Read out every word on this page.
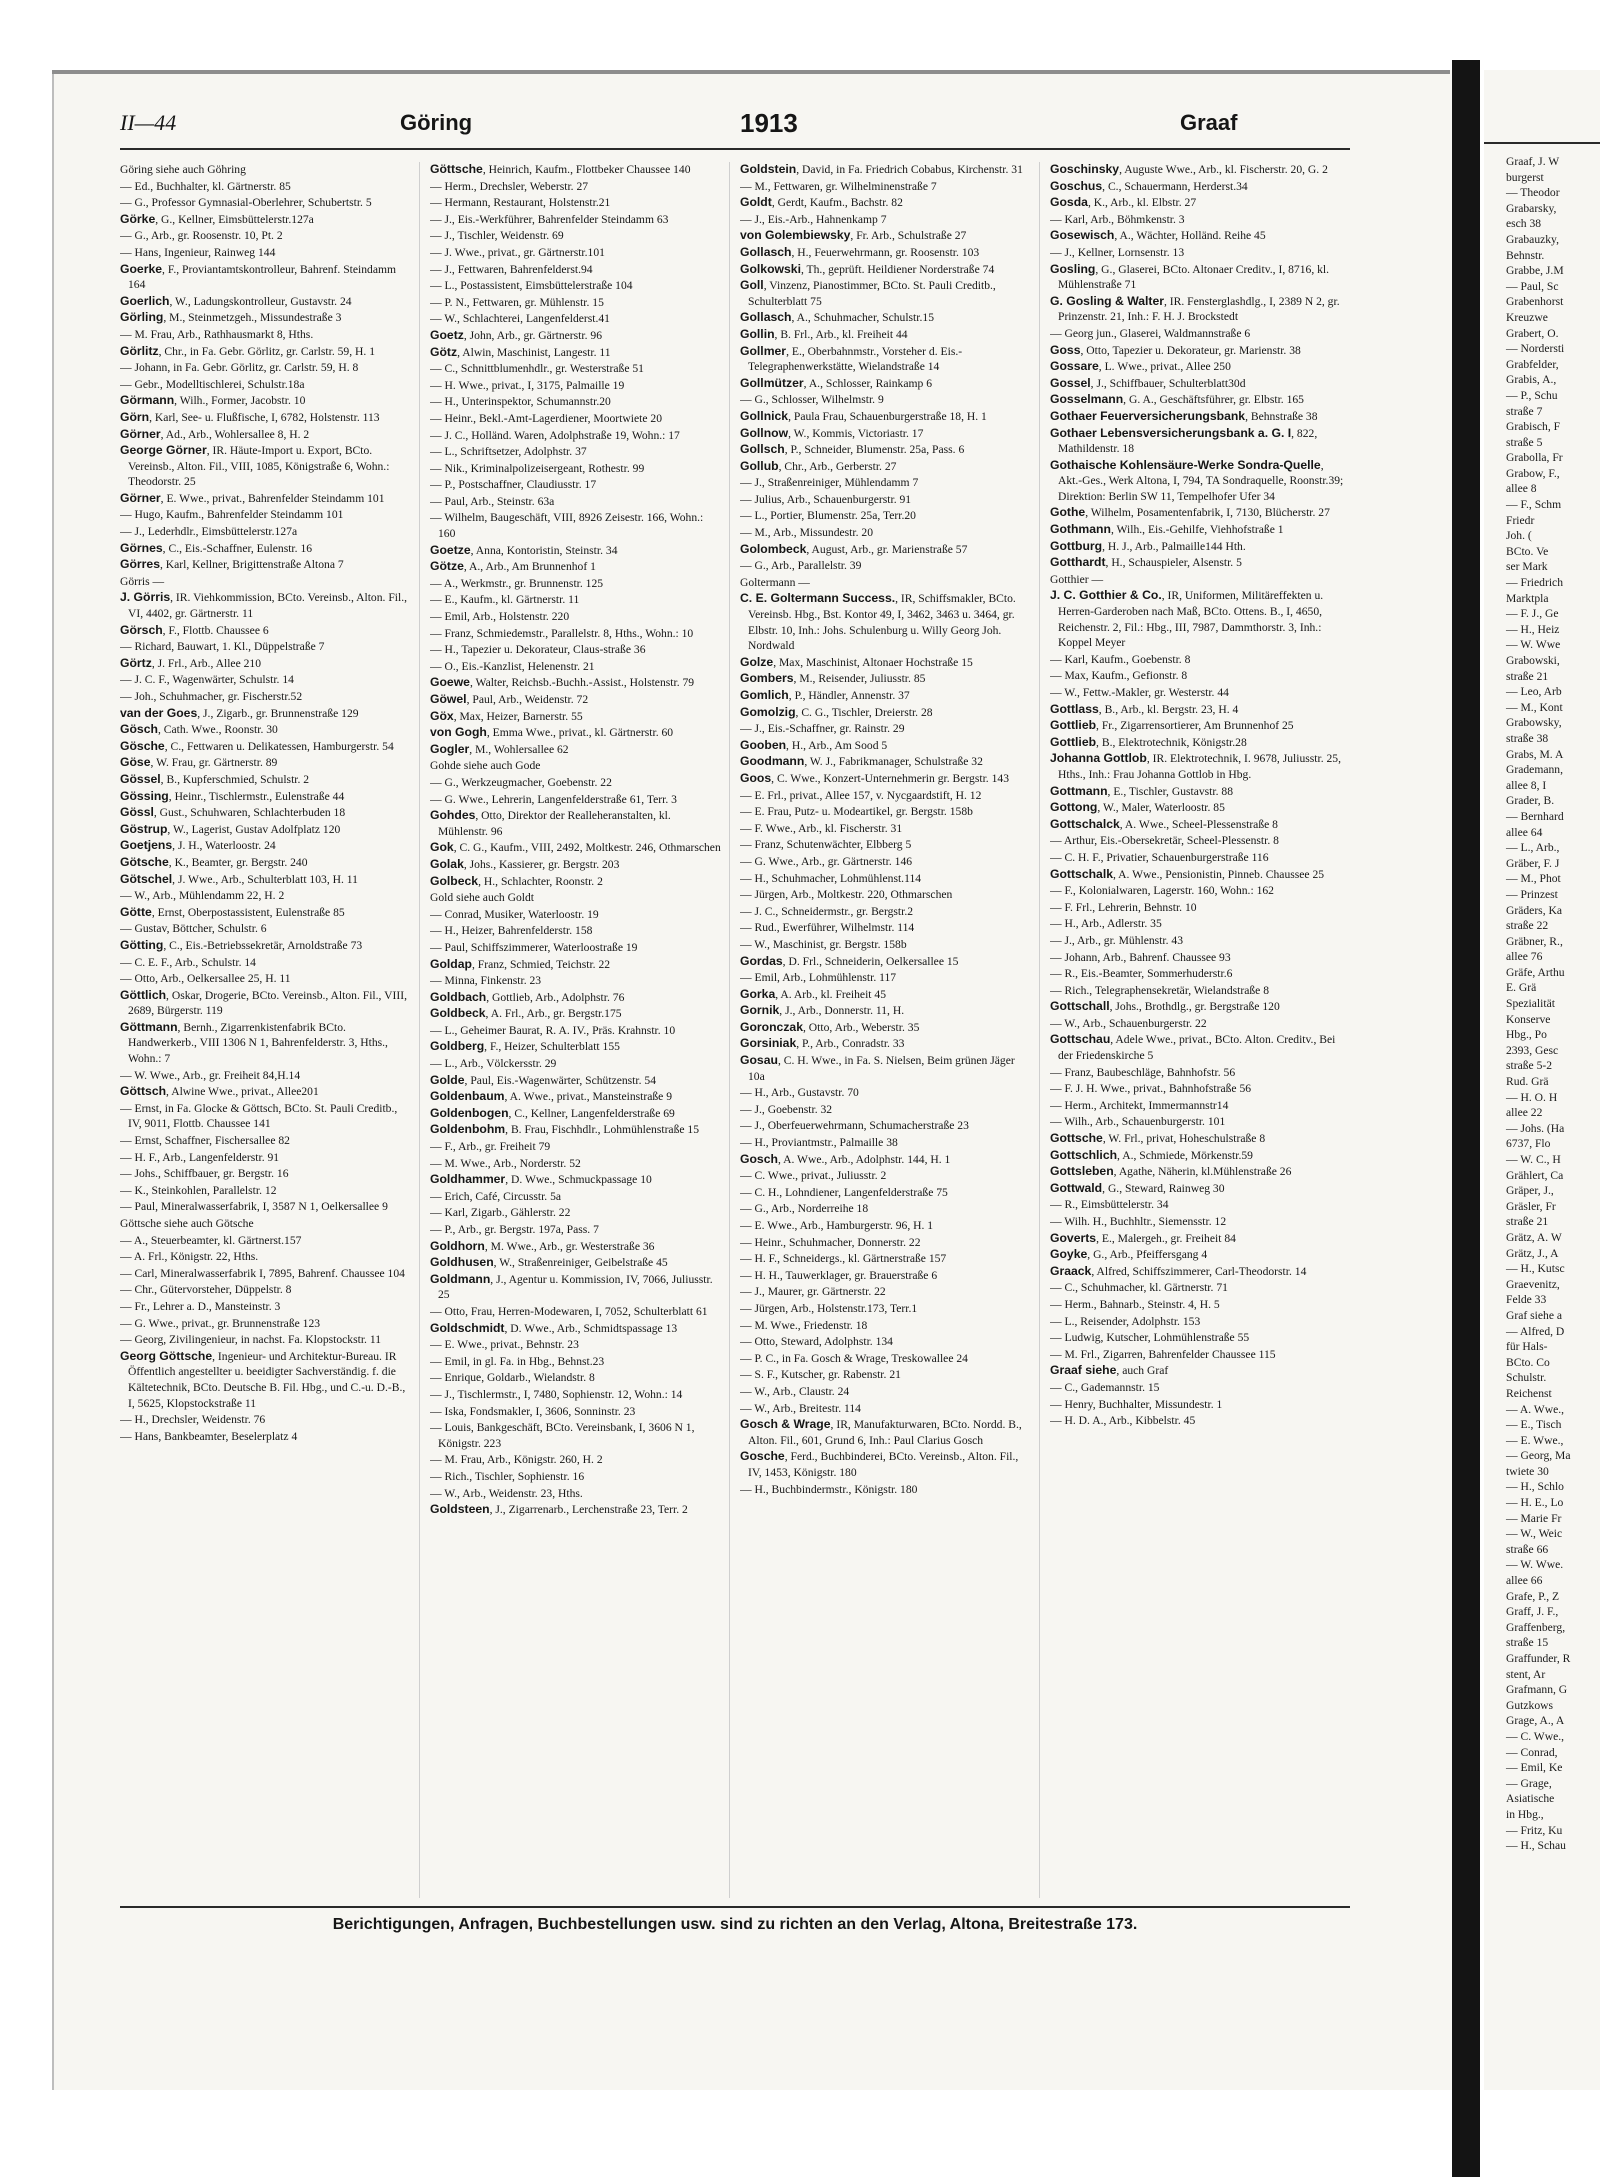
II—44	Göring	1913	Graaf
Göring siehe auch Göhring
— Ed., Buchhalter, kl. Gärtnerstr. 85
— G., Professor Gymnasial-Oberlehrer, Schubertstr. 5
Görke, G., Kellner, Eimsbüttelerstr.127a
— G., Arb., gr. Roosenstr. 10, Pt. 2
— Hans, Ingenieur, Rainweg 144
Goerke, F., Proviantamtskontrolleur, Bahrenf. Steindamm 164
Goerlich, W., Ladungskontrolleur, Gustavstr. 24
Görling, M., Steinmetzgeh., Missundestraße 3
— M. Frau, Arb., Rathhausmarkt 8, Hths.
Görlitz, Chr., in Fa. Gebr. Görlitz, gr. Carlstr. 59, H. 1
— Johann, in Fa. Gebr. Görlitz, gr. Carlstr. 59, H. 8
— Gebr., Modelltischlerei, Schulstr.18a
Görmann, Wilh., Former, Jacobstr. 10
Görn, Karl, See- u. Flußfische, I, 6782, Holstenstr. 113
Görner, Ad., Arb., Wohlersallee 8, H. 2
George Görner, IR. Häute-Import u. Export, BCto. Vereinsb., Alton. Fil., VIII, 1085, Königstraße 6, Wohn.: Theodorstr. 25
Görner, E. Wwe., privat., Bahrenfelder Steindamm 101
— Hugo, Kaufm., Bahrenfelder Steindamm 101
— J., Lederhdlr., Eimsbüttelerstr.127a
Görnes, C., Eis.-Schaffner, Eulenstr. 16
Görres, Karl, Kellner, Brigittenstraße Altona 7
Görris —
J. Görris, IR. Viehkommission, BCto. Vereinsb., Alton. Fil., VI, 4402, gr. Gärtnerstr. 11
Görsch, F., Flottb. Chaussee 6
— Richard, Bauwart, 1. Kl., Düppelstraße 7
Görtz, J. Frl., Arb., Allee 210
— J. C. F., Wagenwärter, Schulstr. 14
— Joh., Schuhmacher, gr. Fischerstr.52
van der Goes, J., Zigarb., gr. Brunnenstraße 129
Gösch, Cath. Wwe., Roonstr. 30
Gösche, C., Fettwaren u. Delikatessen, Hamburgerstr. 54
Göse, W. Frau, gr. Gärtnerstr. 89
Gössel, B., Kupferschmied, Schulstr. 2
Gössing, Heinr., Tischlermstr., Eulenstraße 44
Gössl, Gust., Schuhwaren, Schlachterbuden 18
Göstrup, W., Lagerist, Gustav Adolfplatz 120
Goetjens, J. H., Waterloostr. 24
Götsche, K., Beamter, gr. Bergstr. 240
Götschel, J. Wwe., Arb., Schulterblatt 103, H. 11
— W., Arb., Mühlendamm 22, H. 2
Götte, Ernst, Oberpostassistent, Eulenstraße 85
— Gustav, Böttcher, Schulstr. 6
Götting, C., Eis.-Betriebssekretär, Arnoldstraße 73
— C. E. F., Arb., Schulstr. 14
— Otto, Arb., Oelkersallee 25, H. 11
Göttlich, Oskar, Drogerie, BCto. Vereinsb., Alton. Fil., VIII, 2689, Bürgerstr. 119
Göttmann, Bernh., Zigarrenkistenfabrik BCto. Handwerkerb., VIII 1306 N 1, Bahrenfelderstr. 3, Hths., Wohn.: 7
— W. Wwe., Arb., gr. Freiheit 84,H.14
Göttsch, Alwine Wwe., privat., Allee201
— Ernst, in Fa. Glocke & Göttsch, BCto. St. Pauli Creditb., IV, 9011, Flottb. Chaussee 141
— Ernst, Schaffner, Fischersallee 82
— H. F., Arb., Langenfelderstr. 91
— Johs., Schiffbauer, gr. Bergstr. 16
— K., Steinkohlen, Parallelstr. 12
— Paul, Mineralwasserfabrik, I, 3587 N 1, Oelkersallee 9
Göttsche siehe auch Götsche
— A., Steuerbeamter, kl. Gärtnerst.157
— A. Frl., Königstr. 22, Hths.
— Carl, Mineralwasserfabrik I, 7895, Bahrenf. Chaussee 104
— Chr., Gütervorsteher, Düppelstr. 8
— Fr., Lehrer a. D., Mansteinstr. 3
— G. Wwe., privat., gr. Brunnenstraße 123
— Georg, Zivilingenieur, in nachst. Fa. Klopstockstr. 11
Georg Göttsche, Ingenieur- und Architektur-Bureau. IR Öffentlich angestellter u. beeidigter Sachverständig. f. die Kältetechnik, BCto. Deutsche B. Fil. Hbg., und C.-u. D.-B., I, 5625, Klopstockstraße 11
— H., Drechsler, Weidenstr. 76
— Hans, Bankbeamter, Beselerplatz 4
Göttsche, Heinrich, Kaufm., Flottbeker Chaussee 140
— Herm., Drechsler, Weberstr. 27
— Hermann, Restaurant, Holstenstr.21
— J., Eis.-Werkführer, Bahrenfelder Steindamm 63
— J., Tischler, Weidenstr. 69
— J. Wwe., privat., gr. Gärtnerstr.101
— J., Fettwaren, Bahrenfelderst.94
— L., Postassistent, Eimsbüttelerstraße 104
— P. N., Fettwaren, gr. Mühlenstr. 15
— W., Schlachterei, Langenfelderst.41
Goetz, John, Arb., gr. Gärtnerstr. 96
Götz, Alwin, Maschinist, Langestr. 11
— C., Schnittblumenhdlr., gr. Westerstraße 51
— H. Wwe., privat., I, 3175, Palmaille 19
— H., Unterinspektor, Schumannstr.20
— Heinr., Bekl.-Amt-Lagerdiener, Moortwiete 20
— J. C., Holländ. Waren, Adolphstraße 19, Wohn.: 17
— L., Schriftsetzer, Adolphstr. 37
— Nik., Kriminalpolizeisergeant, Rothestr. 99
— P., Postschaffner, Claudiusstr. 17
— Paul, Arb., Steinstr. 63a
— Wilhelm, Baugeschäft, VIII, 8926 Zeisestr. 166, Wohn.: 160
Goetze, Anna, Kontoristin, Steinstr. 34
Götze, A., Arb., Am Brunnenhof 1
— A., Werkmstr., gr. Brunnenstr. 125
— E., Kaufm., kl. Gärtnerstr. 11
— Emil, Arb., Holstenstr. 220
— Franz, Schmiedemstr., Parallelstr. 8, Hths., Wohn.: 10
— H., Tapezier u. Dekorateur, Claus-straße 36
— O., Eis.-Kanzlist, Helenenstr. 21
Goewe, Walter, Reichsb.-Buchh.-Assist., Holstenstr. 79
Göwel, Paul, Arb., Weidenstr. 72
Göx, Max, Heizer, Barnerstr. 55
von Gogh, Emma Wwe., privat., kl. Gärtnerstr. 60
Gogler, M., Wohlersallee 62
Gohde siehe auch Gode
— G., Werkzeugmacher, Goebenstr. 22
— G. Wwe., Lehrerin, Langenfelderstraße 61, Terr. 3
Gohdes, Otto, Direktor der Realleheranstalten, kl. Mühlenstr. 96
Gok, C. G., Kaufm., VIII, 2492, Moltkestr. 246, Othmarschen
Golak, Johs., Kassierer, gr. Bergstr. 203
Golbeck, H., Schlachter, Roonstr. 2
Gold siehe auch Goldt
— Conrad, Musiker, Waterloostr. 19
— H., Heizer, Bahrenfelderstr. 158
— Paul, Schiffszimmerer, Waterloostraße 19
Goldap, Franz, Schmied, Teichstr. 22
— Minna, Finkenstr. 23
Goldbach, Gottlieb, Arb., Adolphstr. 76
Goldbeck, A. Frl., Arb., gr. Bergstr.175
— L., Geheimer Baurat, R. A. IV., Präs. Krahnstr. 10
Goldberg, F., Heizer, Schulterblatt 155
— L., Arb., Völckersstr. 29
Golde, Paul, Eis.-Wagenwärter, Schützenstr. 54
Goldenbaum, A. Wwe., privat., Mansteinstraße 9
Goldenbogen, C., Kellner, Langenfelderstraße 69
Goldenbohm, B. Frau, Fischhdlr., Lohmühlenstraße 15
— F., Arb., gr. Freiheit 79
— M. Wwe., Arb., Norderstr. 52
Goldhammer, D. Wwe., Schmuckpassage 10
— Erich, Café, Circusstr. 5a
— Karl, Zigarb., Gählerstr. 22
— P., Arb., gr. Bergstr. 197a, Pass. 7
Goldhorn, M. Wwe., Arb., gr. Westerstraße 36
Goldhusen, W., Straßenreiniger, Geibelstraße 45
Goldmann, J., Agentur u. Kommission, IV, 7066, Juliusstr. 25
— Otto, Frau, Herren-Modewaren, I, 7052, Schulterblatt 61
Goldschmidt, D. Wwe., Arb., Schmidtspassage 13
— E. Wwe., privat., Behnstr. 23
— Emil, in gl. Fa. in Hbg., Behnst.23
— Enrique, Goldarb., Wielandstr. 8
— J., Tischlermstr., I, 7480, Sophienstr. 12, Wohn.: 14
— Iska, Fondsmakler, I, 3606, Sonninstr. 23
— Louis, Bankgeschäft, BCto. Vereinsbank, I, 3606 N 1, Königstr. 223
— M. Frau, Arb., Königstr. 260, H. 2
— Rich., Tischler, Sophienstr. 16
— W., Arb., Weidenstr. 23, Hths.
Goldsteen, J., Zigarrenarb., Lerchenstraße 23, Terr. 2
Goldstein, David, in Fa. Friedrich Cobabus, Kirchenstr. 31
— M., Fettwaren, gr. Wilhelminenstraße 7
Goldt, Gerdt, Kaufm., Bachstr. 82
— J., Eis.-Arb., Hahnenkamp 7
von Golembiewsky, Fr. Arb., Schulstraße 27
Gollasch, H., Feuerwehrmann, gr. Roosenstr. 103
Golkowski, Th., geprüft. Heildiener Norderstraße 74
Goll, Vinzenz, Pianostimmer, BCto. St. Pauli Creditb., Schulterblatt 75
Gollasch, A., Schuhmacher, Schulstr.15
Gollin, B. Frl., Arb., kl. Freiheit 44
Gollmer, E., Oberbahnmstr., Vorsteher d. Eis.-Telegraphenwerkstätte, Wielandstraße 14
Gollmützer, A., Schlosser, Rainkamp 6
— G., Schlosser, Wilhelmstr. 9
Gollnick, Paula Frau, Schauenburgerstraße 18, H. 1
Gollnow, W., Kommis, Victoriastr. 17
Gollsch, P., Schneider, Blumenstr. 25a, Pass. 6
Gollub, Chr., Arb., Gerberstr. 27
— J., Straßenreiniger, Mühlendamm 7
— Julius, Arb., Schauenburgerstr. 91
— L., Portier, Blumenstr. 25a, Terr.20
— M., Arb., Missundestr. 20
Golombeck, August, Arb., gr. Marienstraße 57
— G., Arb., Parallelstr. 39
Goltermann —
C. E. Goltermann Success., IR, Schiffsmakler, BCto. Vereinsb. Hbg., Bst. Kontor 49, I, 3462, 3463 u. 3464, gr. Elbstr. 10, Inh.: Johs. Schulenburg u. Willy Georg Joh. Nordwald
Golze, Max, Maschinist, Altonaer Hochstraße 15
Gombers, M., Reisender, Juliusstr. 85
Gomlich, P., Händler, Annenstr. 37
Gomolzig, C. G., Tischler, Dreierstr. 28
— J., Eis.-Schaffner, gr. Rainstr. 29
Gooben, H., Arb., Am Sood 5
Goodmann, W. J., Fabrikmanager, Schulstraße 32
Goos, C. Wwe., Konzert-Unternehmerin gr. Bergstr. 143
— E. Frl., privat., Allee 157, v. Nycgaardstift, H. 12
— E. Frau, Putz- u. Modeartikel, gr. Bergstr. 158b
— F. Wwe., Arb., kl. Fischerstr. 31
— Franz, Schutenwächter, Elbberg 5
— G. Wwe., Arb., gr. Gärtnerstr. 146
— H., Schuhmacher, Lohmühlenst.114
— Jürgen, Arb., Moltkestr. 220, Othmarschen
— J. C., Schneidermstr., gr. Bergstr.2
— Rud., Ewerführer, Wilhelmstr. 114
— W., Maschinist, gr. Bergstr. 158b
Gordas, D. Frl., Schneiderin, Oelkersallee 15
— Emil, Arb., Lohmühlenstr. 117
Gorka, A. Arb., kl. Freiheit 45
Gornik, J., Arb., Donnerstr. 11, H.
Goronczak, Otto, Arb., Weberstr. 35
Gorsiniak, P., Arb., Conradstr. 33
Gosau, C. H. Wwe., in Fa. S. Nielsen, Beim grünen Jäger 10a
— H., Arb., Gustavstr. 70
— J., Goebenstr. 32
— J., Oberfeuerwehrmann, Schumacherstraße 23
— H., Proviantmstr., Palmaille 38
Gosch, A. Wwe., Arb., Adolphstr. 144, H. 1
— C. Wwe., privat., Juliusstr. 2
— C. H., Lohndiener, Langenfelderstraße 75
— G., Arb., Norderreihe 18
— E. Wwe., Arb., Hamburgerstr. 96, H. 1
— Heinr., Schuhmacher, Donnerstr. 22
— H. F., Schneidergs., kl. Gärtnerstraße 157
— H. H., Tauwerklager, gr. Brauerstraße 6
— J., Maurer, gr. Gärtnerstr. 22
— Jürgen, Arb., Holstenstr.173, Terr.1
— M. Wwe., Friedenstr. 18
— Otto, Steward, Adolphstr. 134
— P. C., in Fa. Gosch & Wrage, Treskowallee 24
— S. F., Kutscher, gr. Rabenstr. 21
— W., Arb., Claustr. 24
— W., Arb., Breitestr. 114
Gosch & Wrage, IR, Manufakturwaren, BCto. Nordd. B., Alton. Fil., 601, Grund 6, Inh.: Paul Clarius Gosch
Gosche, Ferd., Buchbinderei, BCto. Vereinsb., Alton. Fil., IV, 1453, Königstr. 180
— H., Buchbindermstr., Königstr. 180
Goschinsky, Auguste Wwe., Arb., kl. Fischerstr. 20, G. 2
Goschus, C., Schauermann, Herderst.34
Gosda, K., Arb., kl. Elbstr. 27
— Karl, Arb., Böhmkenstr. 3
Gosewisch, A., Wächter, Holländ. Reihe 45
— J., Kellner, Lornsenstr. 13
Gosling, G., Glaserei, BCto. Altonaer Creditv., I, 8716, kl. Mühlenstraße 71
G. Gosling & Walter, IR. Fensterglashdlg., I, 2389 N 2, gr. Prinzenstr. 21, Inh.: F. H. J. Brockstedt
— Georg jun., Glaserei, Waldmannstraße 6
Goss, Otto, Tapezier u. Dekorateur, gr. Marienstr. 38
Gossare, L. Wwe., privat., Allee 250
Gossel, J., Schiffbauer, Schulterblatt30d
Gosselmann, G. A., Geschäftsführer, gr. Elbstr. 165
Gothaer Feuerversicherungsbank, Behnstraße 38
Gothaer Lebensversicherungsbank a. G. I, 822, Mathildenstr. 18
Gothaische Kohlensäure-Werke Sondra-Quelle, Akt.-Ges., Werk Altona, I, 794, TA Sondraquelle, Roonstr.39; Direktion: Berlin SW 11, Tempelhofer Ufer 34
Gothe, Wilhelm, Posamentenfabrik, I, 7130, Blücherstr. 27
Gothmann, Wilh., Eis.-Gehilfe, Viehhofstraße 1
Gottburg, H. J., Arb., Palmaille144 Hth.
Gotthardt, H., Schauspieler, Alsenstr. 5
Gotthier —
J. C. Gotthier & Co., IR, Uniformen, Militäreffekten u. Herren-Garderoben nach Maß, BCto. Ottens. B., I, 4650, Reichenstr. 2, Fil.: Hbg., III, 7987, Dammthorstr. 3, Inh.: Koppel Meyer
— Karl, Kaufm., Goebenstr. 8
— Max, Kaufm., Gefionstr. 8
— W., Fettw.-Makler, gr. Westerstr. 44
Gottlass, B., Arb., kl. Bergstr. 23, H. 4
Gottlieb, Fr., Zigarrensortierer, Am Brunnenhof 25
Gottlieb, B., Elektrotechnik, Königstr.28
Johanna Gottlob, IR. Elektrotechnik, I. 9678, Juliusstr. 25, Hths., Inh.: Frau Johanna Gottlob in Hbg.
Gottmann, E., Tischler, Gustavstr. 88
Gottong, W., Maler, Waterloostr. 85
Gottschalck, A. Wwe., Scheel-Plessenstraße 8
— Arthur, Eis.-Obersekretär, Scheel-Plessenstr. 8
— C. H. F., Privatier, Schauenburgerstraße 116
Gottschalk, A. Wwe., Pensionistin, Pinneb. Chaussee 25
— F., Kolonialwaren, Lagerstr. 160, Wohn.: 162
— F. Frl., Lehrerin, Behnstr. 10
— H., Arb., Adlerstr. 35
— J., Arb., gr. Mühlenstr. 43
— Johann, Arb., Bahrenf. Chaussee 93
— R., Eis.-Beamter, Sommerhuderstr.6
— Rich., Telegraphensekretär, Wielandstraße 8
Gottschall, Johs., Brothdlg., gr. Bergstraße 120
— W., Arb., Schauenburgerstr. 22
Gottschau, Adele Wwe., privat., BCto. Alton. Creditv., Bei der Friedenskirche 5
— Franz, Baubeschläge, Bahnhofstr. 56
— F. J. H. Wwe., privat., Bahnhofstraße 56
— Herm., Architekt, Immermannstr14
— Wilh., Arb., Schauenburgerstr. 101
Gottsche, W. Frl., privat, Hoheschulstraße 8
Gottschlich, A., Schmiede, Mörkenstr.59
Gottsleben, Agathe, Näherin, kl.Mühlenstraße 26
Gottwald, G., Steward, Rainweg 30
— R., Eimsbüttelerstr. 34
— Wilh. H., Buchhltr., Siemensstr. 12
Goverts, E., Malergeh., gr. Freiheit 84
Goyke, G., Arb., Pfeiffersgang 4
Graack, Alfred, Schiffszimmerer, Carl-Theodorstr. 14
— C., Schuhmacher, kl. Gärtnerstr. 71
— Herm., Bahnarb., Steinstr. 4, H. 5
— L., Reisender, Adolphstr. 153
— Ludwig, Kutscher, Lohmühlenstraße 55
— M. Frl., Zigarren, Bahrenfelder Chaussee 115
Graaf siehe, auch Graf
— C., Gademannstr. 15
— Henry, Buchhalter, Missundestr. 1
— H. D. A., Arb., Kibbelstr. 45
Berichtigungen, Anfragen, Buchbestellungen usw. sind zu richten an den Verlag, Altona, Breitestraße 173.
Graaf, J. W
burgerst
— Theodor
Grabarsky,
esch 38
Grabauzky,
Behnstr.
Grabbe, J.M
— Paul, Sc
Grabenhorst
Kreuzwe
Grabert, O.
— Nordersti
Grabfelder,
Grabis, A.,
— P., Schu
straße 7
Grabisch, F
straße 5
Grabolla, Fr
Grabow, F.,
allee 8
— F., Schm
Friedr
Joh. (
BCto. Ve
ser Mark
— Friedrich
Marktpla
— F. J., Ge
— H., Heiz
— W. Wwe
Grabowski,
straße 21
— Leo, Arb
— M., Kont
Grabowsky,
straße 38
Grabs, M. A
Grademann,
allee 8, I
Grader, B.
— Bernhard
allee 64
— L., Arb.,
Gräber, F. J
— M., Phot
— Prinzest
Gräders, Ka
straße 22
Gräbner, R.,
allee 76
Gräfe, Arthu
E. Grä
Spezialität
Konserve
Hbg., Po
2393, Gesc
straße 5-2
Rud. Grä
— H. O. H
allee 22
— Johs. (Ha
6737, Flo
— W. C., H
Grählert, Ca
Gräper, J.,
Gräsler, Fr
straße 21
Grätz, A. W
Grätz, J., A
— H., Kutsc
Graevenitz,
Felde 33
Graf siehe a
— Alfred, D
für Hals-
BCto. Co
Schulstr.
Reichenst
— A. Wwe.,
— E., Tisch
— E. Wwe.,
— Georg, Ma
twiete 30
— H., Schlo
— H. E., Lo
— Marie Fr
— W., Weic
straße 66
— W. Wwe.
allee 66
Grafe, P., Z
Graff, J. F.,
Graffenberg,
straße 15
Graffunder, R
stent, Ar
Grafmann, G
Gutzkows
Grage, A., A
— C. Wwe.,
— Conrad,
— Emil, Ke
— Grage,
Asiatische
in Hbg.,
— Fritz, Ku
— H., Schau
